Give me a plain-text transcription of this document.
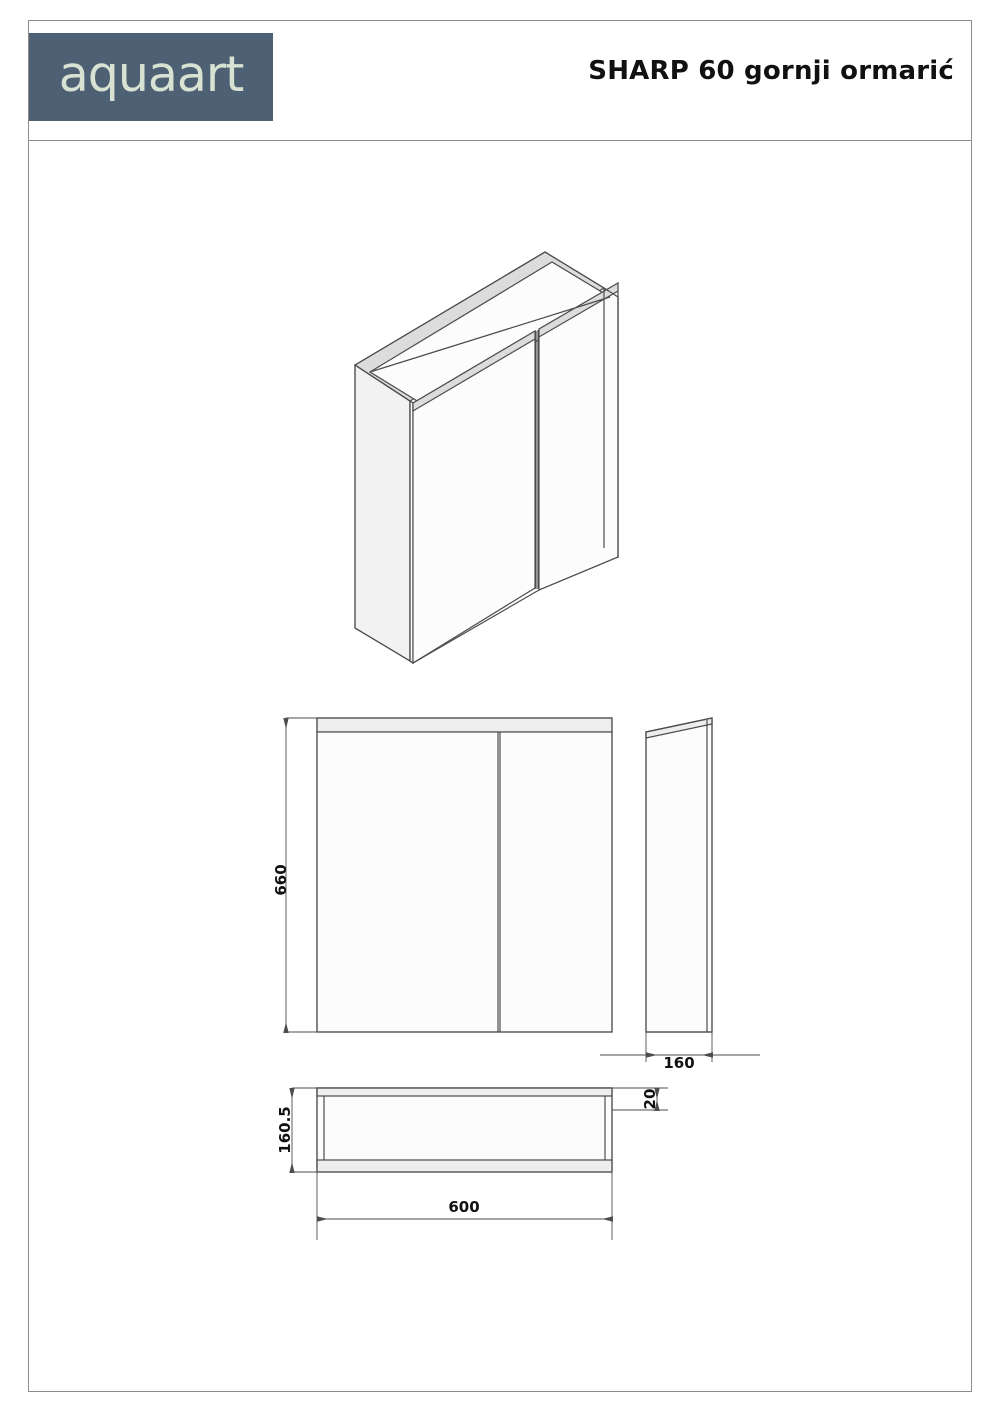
aquaart	SHARP 60 gornji ormarić
660
160
160.5
20
600
